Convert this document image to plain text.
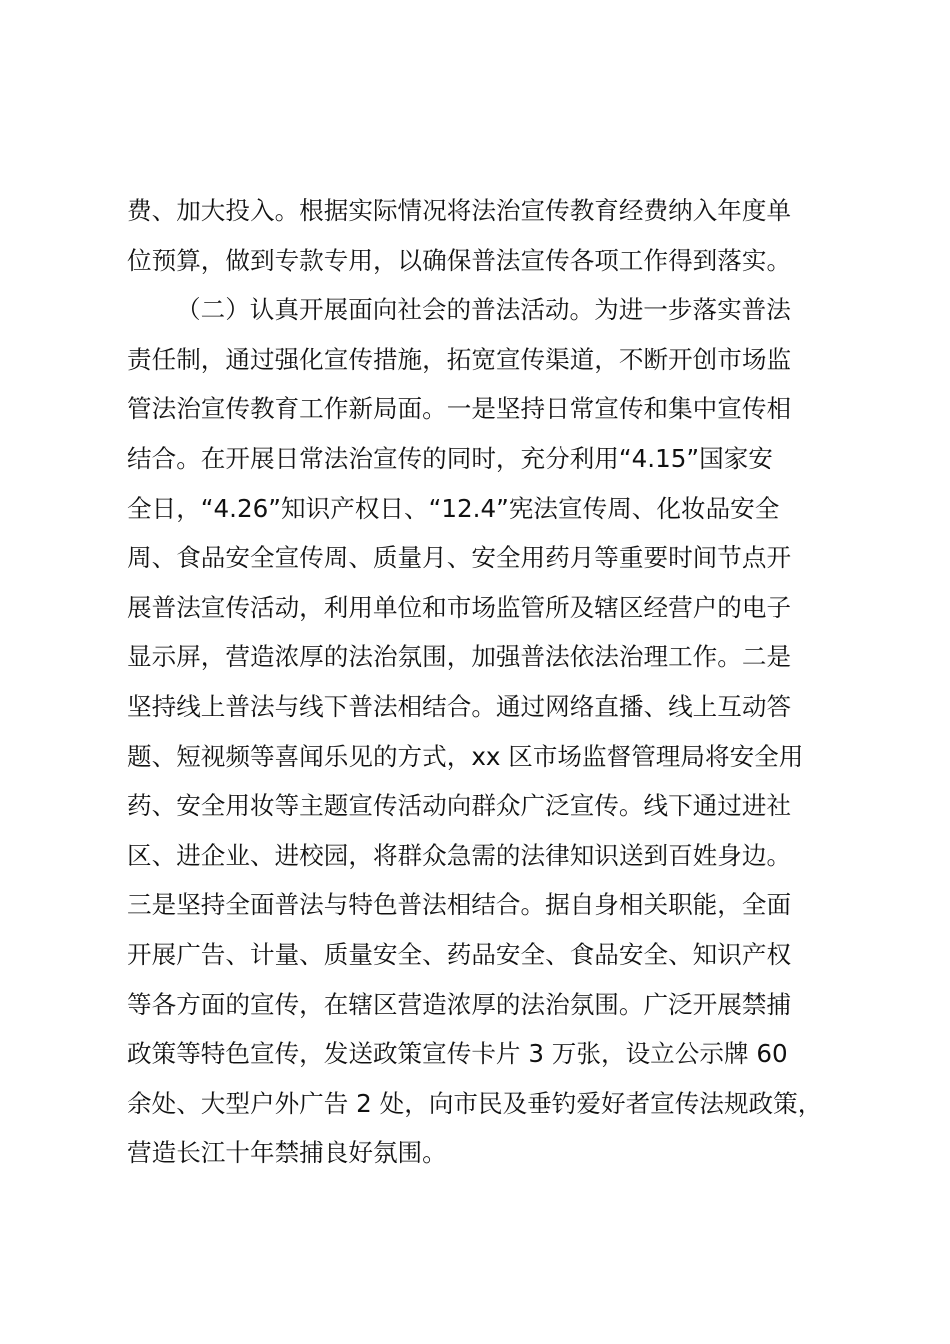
费、加大投入。根据实际情况将法治宣传教育经费纳入年度单
位预算，做到专款专用，以确保普法宣传各项工作得到落实。
（二）认真开展面向社会的普法活动。为进一步落实普法
责任制，通过强化宣传措施，拓宽宣传渠道，不断开创市场监
管法治宣传教育工作新局面。一是坚持日常宣传和集中宣传相
结合。在开展日常法治宣传的同时，充分利用“4.15”国家安
全日，“4.26”知识产权日、“12.4”宪法宣传周、化妆品安全
周、食品安全宣传周、质量月、安全用药月等重要时间节点开
展普法宣传活动，利用单位和市场监管所及辖区经营户的电子
显示屏，营造浓厚的法治氛围，加强普法依法治理工作。二是
坚持线上普法与线下普法相结合。通过网络直播、线上互动答
题、短视频等喜闻乐见的方式，xx 区市场监督管理局将安全用
药、安全用妆等主题宣传活动向群众广泛宣传。线下通过进社
区、进企业、进校园，将群众急需的法律知识送到百姓身边。
三是坚持全面普法与特色普法相结合。据自身相关职能，全面
开展广告、计量、质量安全、药品安全、食品安全、知识产权
等各方面的宣传，在辖区营造浓厚的法治氛围。广泛开展禁捕
政策等特色宣传，发送政策宣传卡片 3 万张，设立公示牌 60
余处、大型户外广告 2 处，向市民及垂钓爱好者宣传法规政策，
营造长江十年禁捕良好氛围。
